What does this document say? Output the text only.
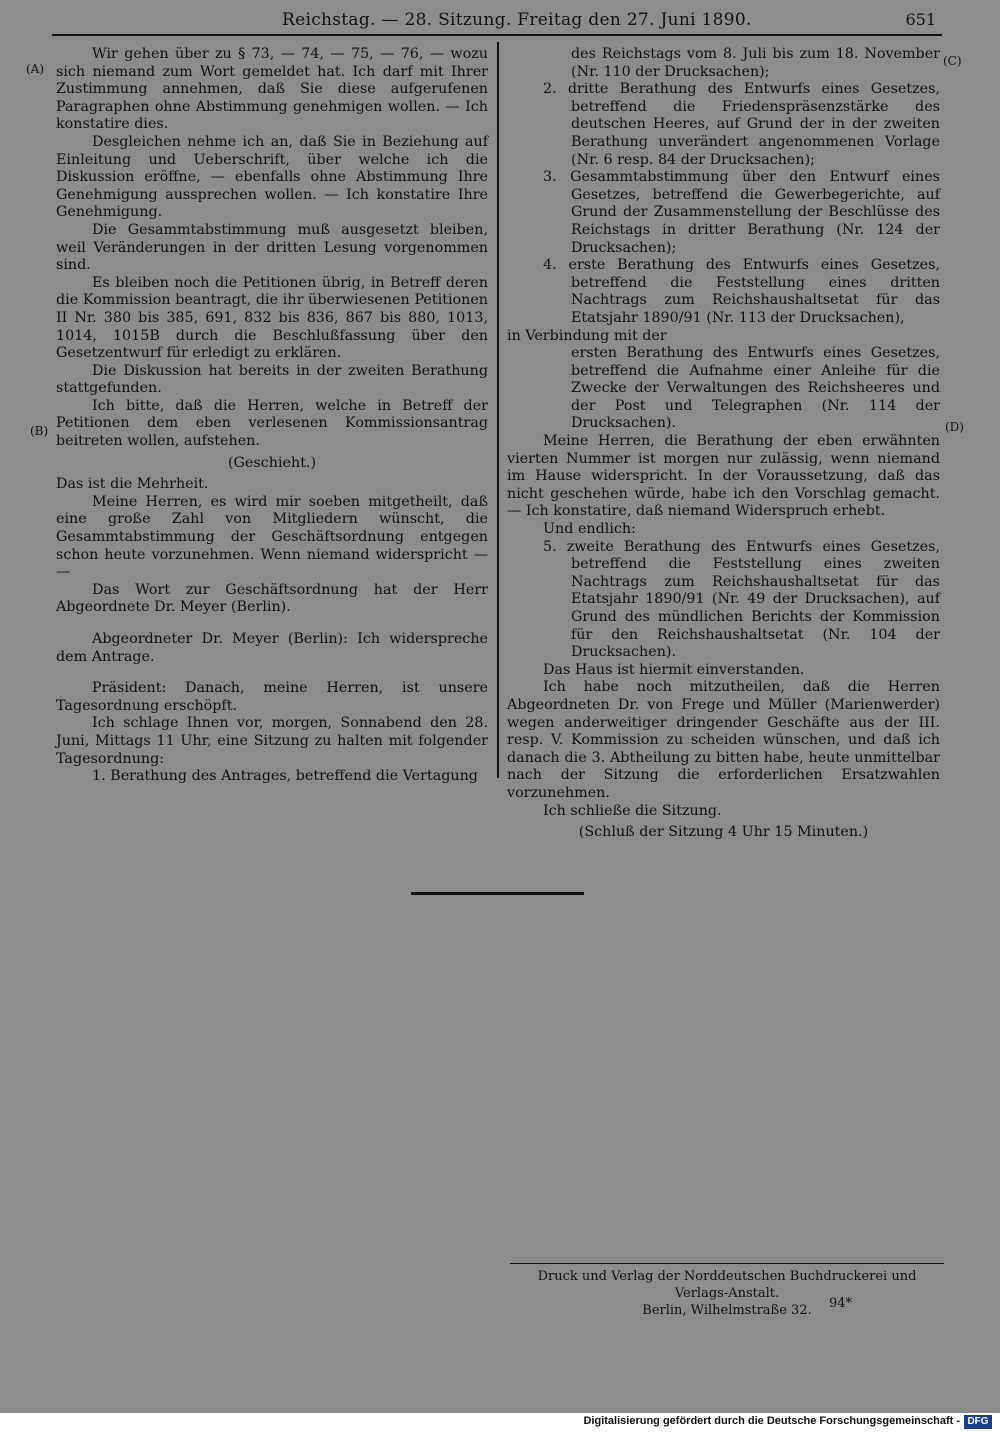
Reichstag. — 28. Sitzung. Freitag den 27. Juni 1890.	651
(A)
(B)
(C)
(D)

Wir gehen über zu § 73, — 74, — 75, — 76, — wozu sich niemand zum Wort gemeldet hat. Ich darf mit Ihrer Zustimmung annehmen, daß Sie diese aufgerufenen Paragraphen ohne Abstimmung genehmigen wollen. — Ich konstatire dies.

Desgleichen nehme ich an, daß Sie in Beziehung auf Einleitung und Ueberschrift, über welche ich die Diskussion eröffne, — ebenfalls ohne Abstimmung Ihre Genehmigung aussprechen wollen. — Ich konstatire Ihre Genehmigung.

Die Gesammtabstimmung muß ausgesetzt bleiben, weil Veränderungen in der dritten Lesung vorgenommen sind.

Es bleiben noch die Petitionen übrig, in Betreff deren die Kommission beantragt, die ihr überwiesenen Petitionen II Nr. 380 bis 385, 691, 832 bis 836, 867 bis 880, 1013, 1014, 1015B durch die Beschlußfassung über den Gesetzentwurf für erledigt zu erklären.

Die Diskussion hat bereits in der zweiten Berathung stattgefunden.

Ich bitte, daß die Herren, welche in Betreff der Petitionen dem eben verlesenen Kommissionsantrag beitreten wollen, aufstehen.

(Geschieht.)

Das ist die Mehrheit.

Meine Herren, es wird mir soeben mitgetheilt, daß eine große Zahl von Mitgliedern wünscht, die Gesammtabstimmung der Geschäftsordnung entgegen schon heute vorzunehmen. Wenn niemand widerspricht — —

Das Wort zur Geschäftsordnung hat der Herr Abgeordnete Dr. Meyer (Berlin).

Abgeordneter Dr. Meyer (Berlin): Ich widerspreche dem Antrage.

Präsident: Danach, meine Herren, ist unsere Tagesordnung erschöpft.

Ich schlage Ihnen vor, morgen, Sonnabend den 28. Juni, Mittags 11 Uhr, eine Sitzung zu halten mit folgender Tagesordnung:

1. Berathung des Antrages, betreffend die Vertagung

des Reichstags vom 8. Juli bis zum 18. November (Nr. 110 der Drucksachen);

2. dritte Berathung des Entwurfs eines Gesetzes, betreffend die Friedenspräsenzstärke des deutschen Heeres, auf Grund der in der zweiten Berathung unverändert angenommenen Vorlage (Nr. 6 resp. 84 der Drucksachen);

3. Gesammtabstimmung über den Entwurf eines Gesetzes, betreffend die Gewerbegerichte, auf Grund der Zusammenstellung der Beschlüsse des Reichstags in dritter Berathung (Nr. 124 der Drucksachen);

4. erste Berathung des Entwurfs eines Gesetzes, betreffend die Feststellung eines dritten Nachtrags zum Reichshaushaltsetat für das Etatsjahr 1890/91 (Nr. 113 der Drucksachen),

in Verbindung mit der

ersten Berathung des Entwurfs eines Gesetzes, betreffend die Aufnahme einer Anleihe für die Zwecke der Verwaltungen des Reichsheeres und der Post und Telegraphen (Nr. 114 der Drucksachen).

Meine Herren, die Berathung der eben erwähnten vierten Nummer ist morgen nur zulässig, wenn niemand im Hause widerspricht. In der Voraussetzung, daß das nicht geschehen würde, habe ich den Vorschlag gemacht. — Ich konstatire, daß niemand Widerspruch erhebt.

Und endlich:

5. zweite Berathung des Entwurfs eines Gesetzes, betreffend die Feststellung eines zweiten Nachtrags zum Reichshaushaltsetat für das Etatsjahr 1890/91 (Nr. 49 der Drucksachen), auf Grund des mündlichen Berichts der Kommission für den Reichshaushaltsetat (Nr. 104 der Drucksachen).

Das Haus ist hiermit einverstanden.

Ich habe noch mitzutheilen, daß die Herren Abgeordneten Dr. von Frege und Müller (Marienwerder) wegen anderweitiger dringender Geschäfte aus der III. resp. V. Kommission zu scheiden wünschen, und daß ich danach die 3. Abtheilung zu bitten habe, heute unmittelbar nach der Sitzung die erforderlichen Ersatzwahlen vorzunehmen.

Ich schließe die Sitzung.

(Schluß der Sitzung 4 Uhr 15 Minuten.)

Druck und Verlag der Norddeutschen Buchdruckerei und Verlags-Anstalt.
Berlin, Wilhelmstraße 32.	94*
Digitalisierung gefördert durch die Deutsche Forschungsgemeinschaft - DFG
